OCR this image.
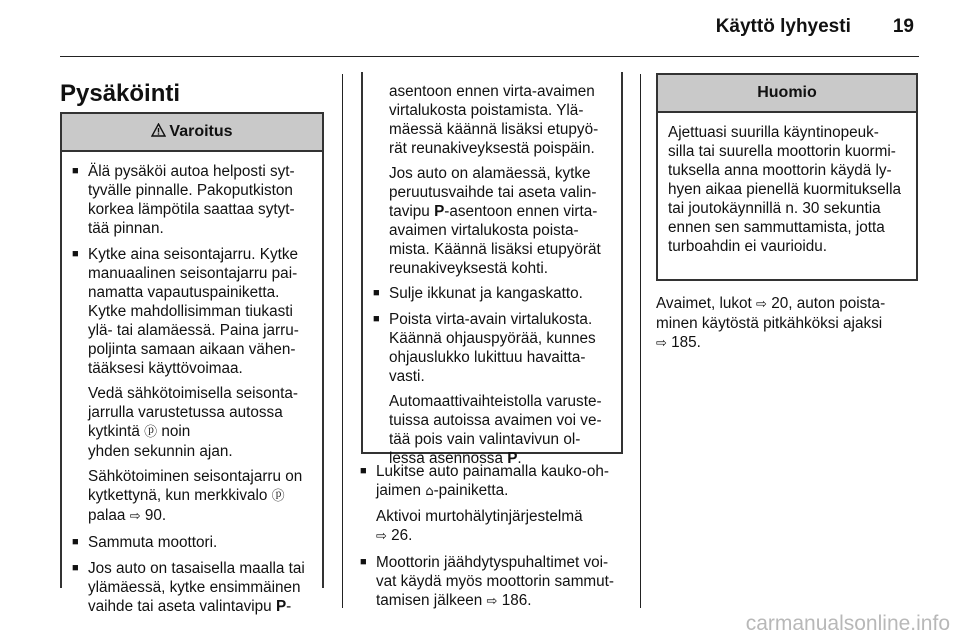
Käyttö lyhyesti 19
Pysäköinti
Varoitus
■ Älä pysäköi autoa helposti syt-
tyvälle pinnalle. Pakoputkiston
korkea lämpötila saattaa sytyt-
tää pinnan.

■ Kytke aina seisontajarru. Kytke
manuaalinen seisontajarru pai-
namatta vapautuspainiketta.
Kytke mahdollisimman tiukasti
ylä- tai alamäessä. Paina jarru-
poljinta samaan aikaan vähen-
tääksesi käyttövoimaa.

Vedä sähkötoimisella seisonta-
jarrulla varustetussa autossa
kytkintä ⓟ noin
yhden sekunnin ajan.

Sähkötoiminen seisontajarru on
kytkettynä, kun merkkivalo ⓟ
palaa ⇨ 90.

■ Sammuta moottori.

■ Jos auto on tasaisella maalla tai
ylämäessä, kytke ensimmäinen
vaihde tai aseta valintavipu P-

asentoon ennen virta-avaimen
virtalukosta poistamista. Ylä-
mäessä käännä lisäksi etupyö-
rät reunakiveyksestä poispäin.

Jos auto on alamäessä, kytke
peruutusvaihde tai aseta valin-
tavipu P-asentoon ennen virta-
avaimen virtalukosta poista-
mista. Käännä lisäksi etupyörät
reunakiveyksestä kohti.

■ Sulje ikkunat ja kangaskatto.

■ Poista virta-avain virtalukosta.
Käännä ohjauspyörää, kunnes
ohjauslukko lukittuu havaitta-
vasti.

Automaattivaihteistolla varuste-
tuissa autoissa avaimen voi ve-
tää pois vain valintavivun ol-
lessa asennossa P.

■ Lukitse auto painamalla kauko-oh-
jaimen ⌂-painiketta.

Aktivoi murtohälytinjärjestelmä
⇨ 26.

■ Moottorin jäähdytyspuhaltimet voi-
vat käydä myös moottorin sammut-
tamisen jälkeen ⇨ 186.

Huomio

Ajettuasi suurilla käyntinopeuk-
silla tai suurella moottorin kuormi-
tuksella anna moottorin käydä ly-
hyen aikaa pienellä kuormituksella
tai joutokäynnillä n. 30 sekuntia
ennen sen sammuttamista, jotta
turboahdin ei vaurioidu.

Avaimet, lukot ⇨ 20, auton poista-
minen käytöstä pitkähköksi ajaksi
⇨ 185.

carmanualsonline.info
